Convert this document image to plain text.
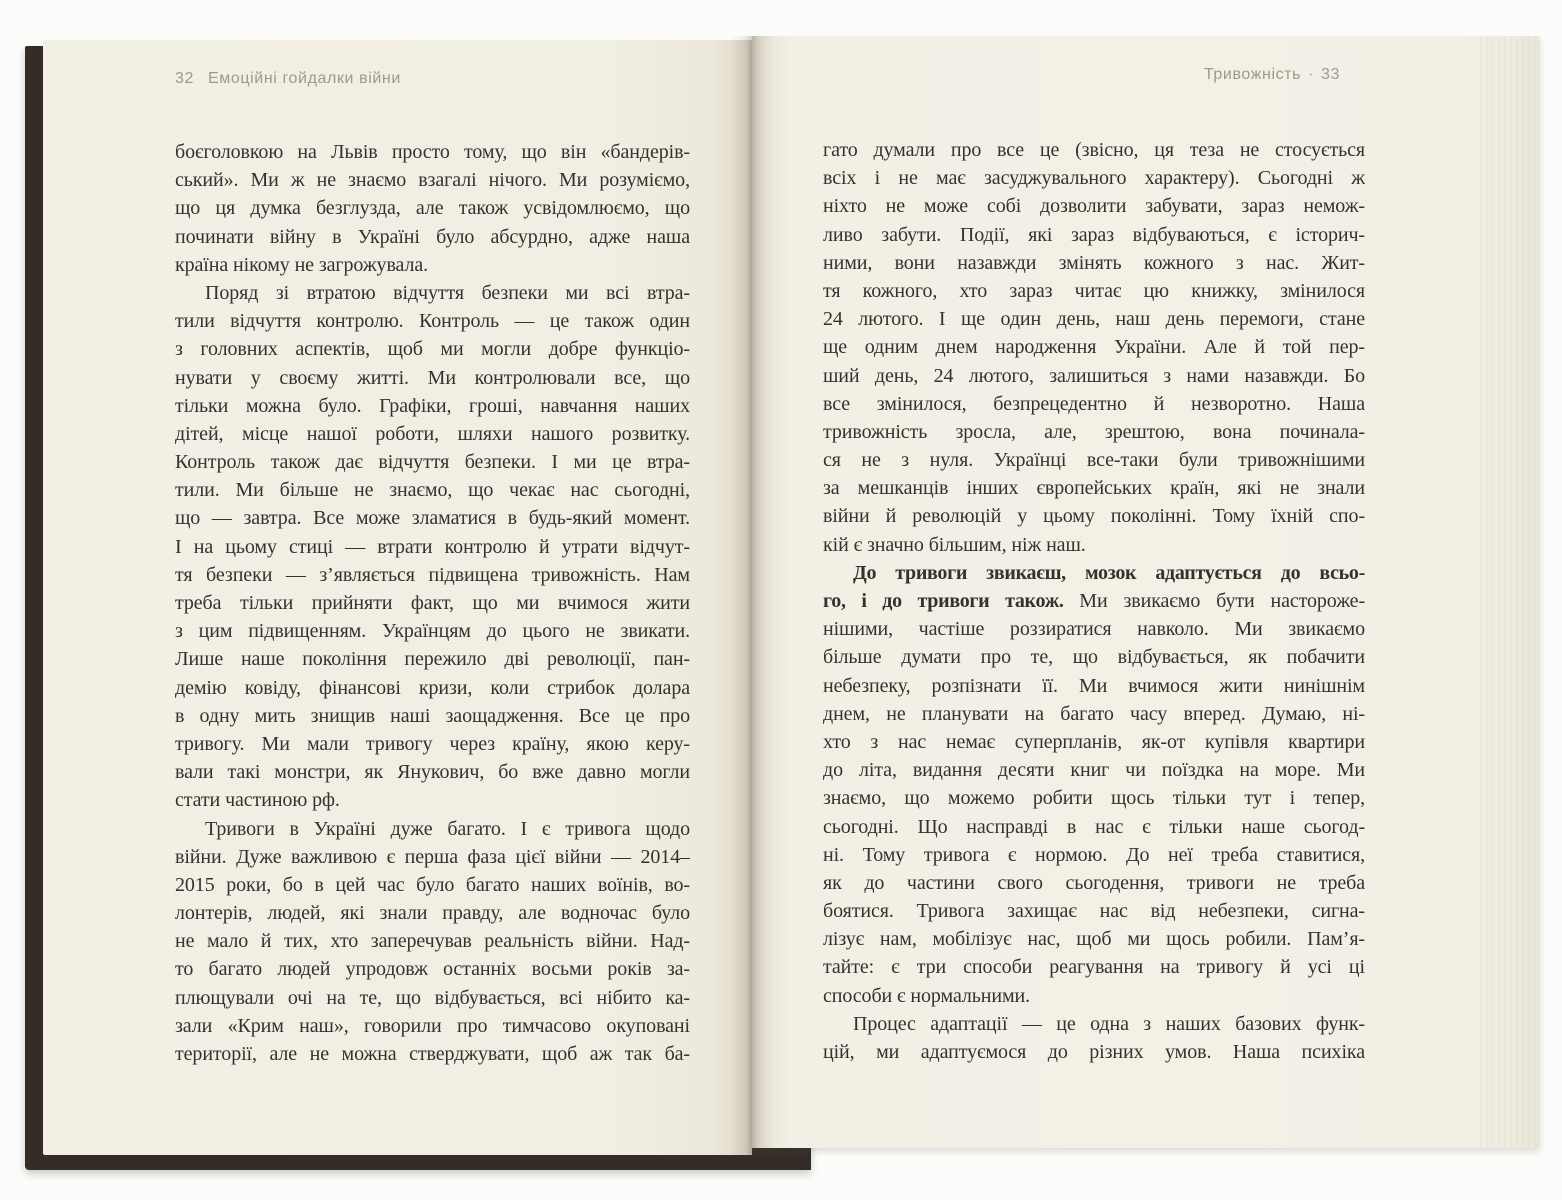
32 Емоційні гойдалки війни
боєголовкою на Львів просто тому, що він «бандерів-
ський». Ми ж не знаємо взагалі нічого. Ми розуміємо,
що ця думка безглузда, але також усвідомлюємо, що
починати війну в Україні було абсурдно, адже наша
країна нікому не загрожувала.
Поряд зі втратою відчуття безпеки ми всі втра-
тили відчуття контролю. Контроль — це також один
з головних аспектів, щоб ми могли добре функціо-
нувати у своєму житті. Ми контролювали все, що
тільки можна було. Графіки, гроші, навчання наших
дітей, місце нашої роботи, шляхи нашого розвитку.
Контроль також дає відчуття безпеки. І ми це втра-
тили. Ми більше не знаємо, що чекає нас сьогодні,
що — завтра. Все може зламатися в будь-який момент.
І на цьому стиці — втрати контролю й утрати відчут-
тя безпеки — з’являється підвищена тривожність. Нам
треба тільки прийняти факт, що ми вчимося жити
з цим підвищенням. Українцям до цього не звикати.
Лише наше покоління пережило дві революції, пан-
демію ковіду, фінансові кризи, коли стрибок долара
в одну мить знищив наші заощадження. Все це про
тривогу. Ми мали тривогу через країну, якою керу-
вали такі монстри, як Янукович, бо вже давно могли
стати частиною рф.
Тривоги в Україні дуже багато. І є тривога щодо
війни. Дуже важливою є перша фаза цієї війни — 2014–
2015 роки, бо в цей час було багато наших воїнів, во-
лонтерів, людей, які знали правду, але водночас було
не мало й тих, хто заперечував реальність війни. Над-
то багато людей упродовж останніх восьми років за-
плющували очі на те, що відбувається, всі нібито ка-
зали «Крим наш», говорили про тимчасово окуповані
території, але не можна стверджувати, щоб аж так ба-
Тривожність · 33
гато думали про все це (звісно, ця теза не стосується
всіх і не має засуджувального характеру). Сьогодні ж
ніхто не може собі дозволити забувати, зараз немож-
ливо забути. Події, які зараз відбуваються, є історич-
ними, вони назавжди змінять кожного з нас. Жит-
тя кожного, хто зараз читає цю книжку, змінилося
24 лютого. І ще один день, наш день перемоги, стане
ще одним днем народження України. Але й той пер-
ший день, 24 лютого, залишиться з нами назавжди. Бо
все змінилося, безпрецедентно й незворотно. Наша
тривожність зросла, але, зрештою, вона починала-
ся не з нуля. Українці все-таки були тривожнішими
за мешканців інших європейських країн, які не знали
війни й революцій у цьому поколінні. Тому їхній спо-
кій є значно більшим, ніж наш.
До тривоги звикаєш, мозок адаптується до всьо-
го, і до тривоги також. Ми звикаємо бути настороже-
нішими, частіше роззиратися навколо. Ми звикаємо
більше думати про те, що відбувається, як побачити
небезпеку, розпізнати її. Ми вчимося жити нинішнім
днем, не планувати на багато часу вперед. Думаю, ні-
хто з нас немає суперпланів, як-от купівля квартири
до літа, видання десяти книг чи поїздка на море. Ми
знаємо, що можемо робити щось тільки тут і тепер,
сьогодні. Що насправді в нас є тільки наше сьогод-
ні. Тому тривога є нормою. До неї треба ставитися,
як до частини свого сьогодення, тривоги не треба
боятися. Тривога захищає нас від небезпеки, сигна-
лізує нам, мобілізує нас, щоб ми щось робили. Пам’я-
тайте: є три способи реагування на тривогу й усі ці
способи є нормальними.
Процес адаптації — це одна з наших базових функ-
цій, ми адаптуємося до різних умов. Наша психіка
